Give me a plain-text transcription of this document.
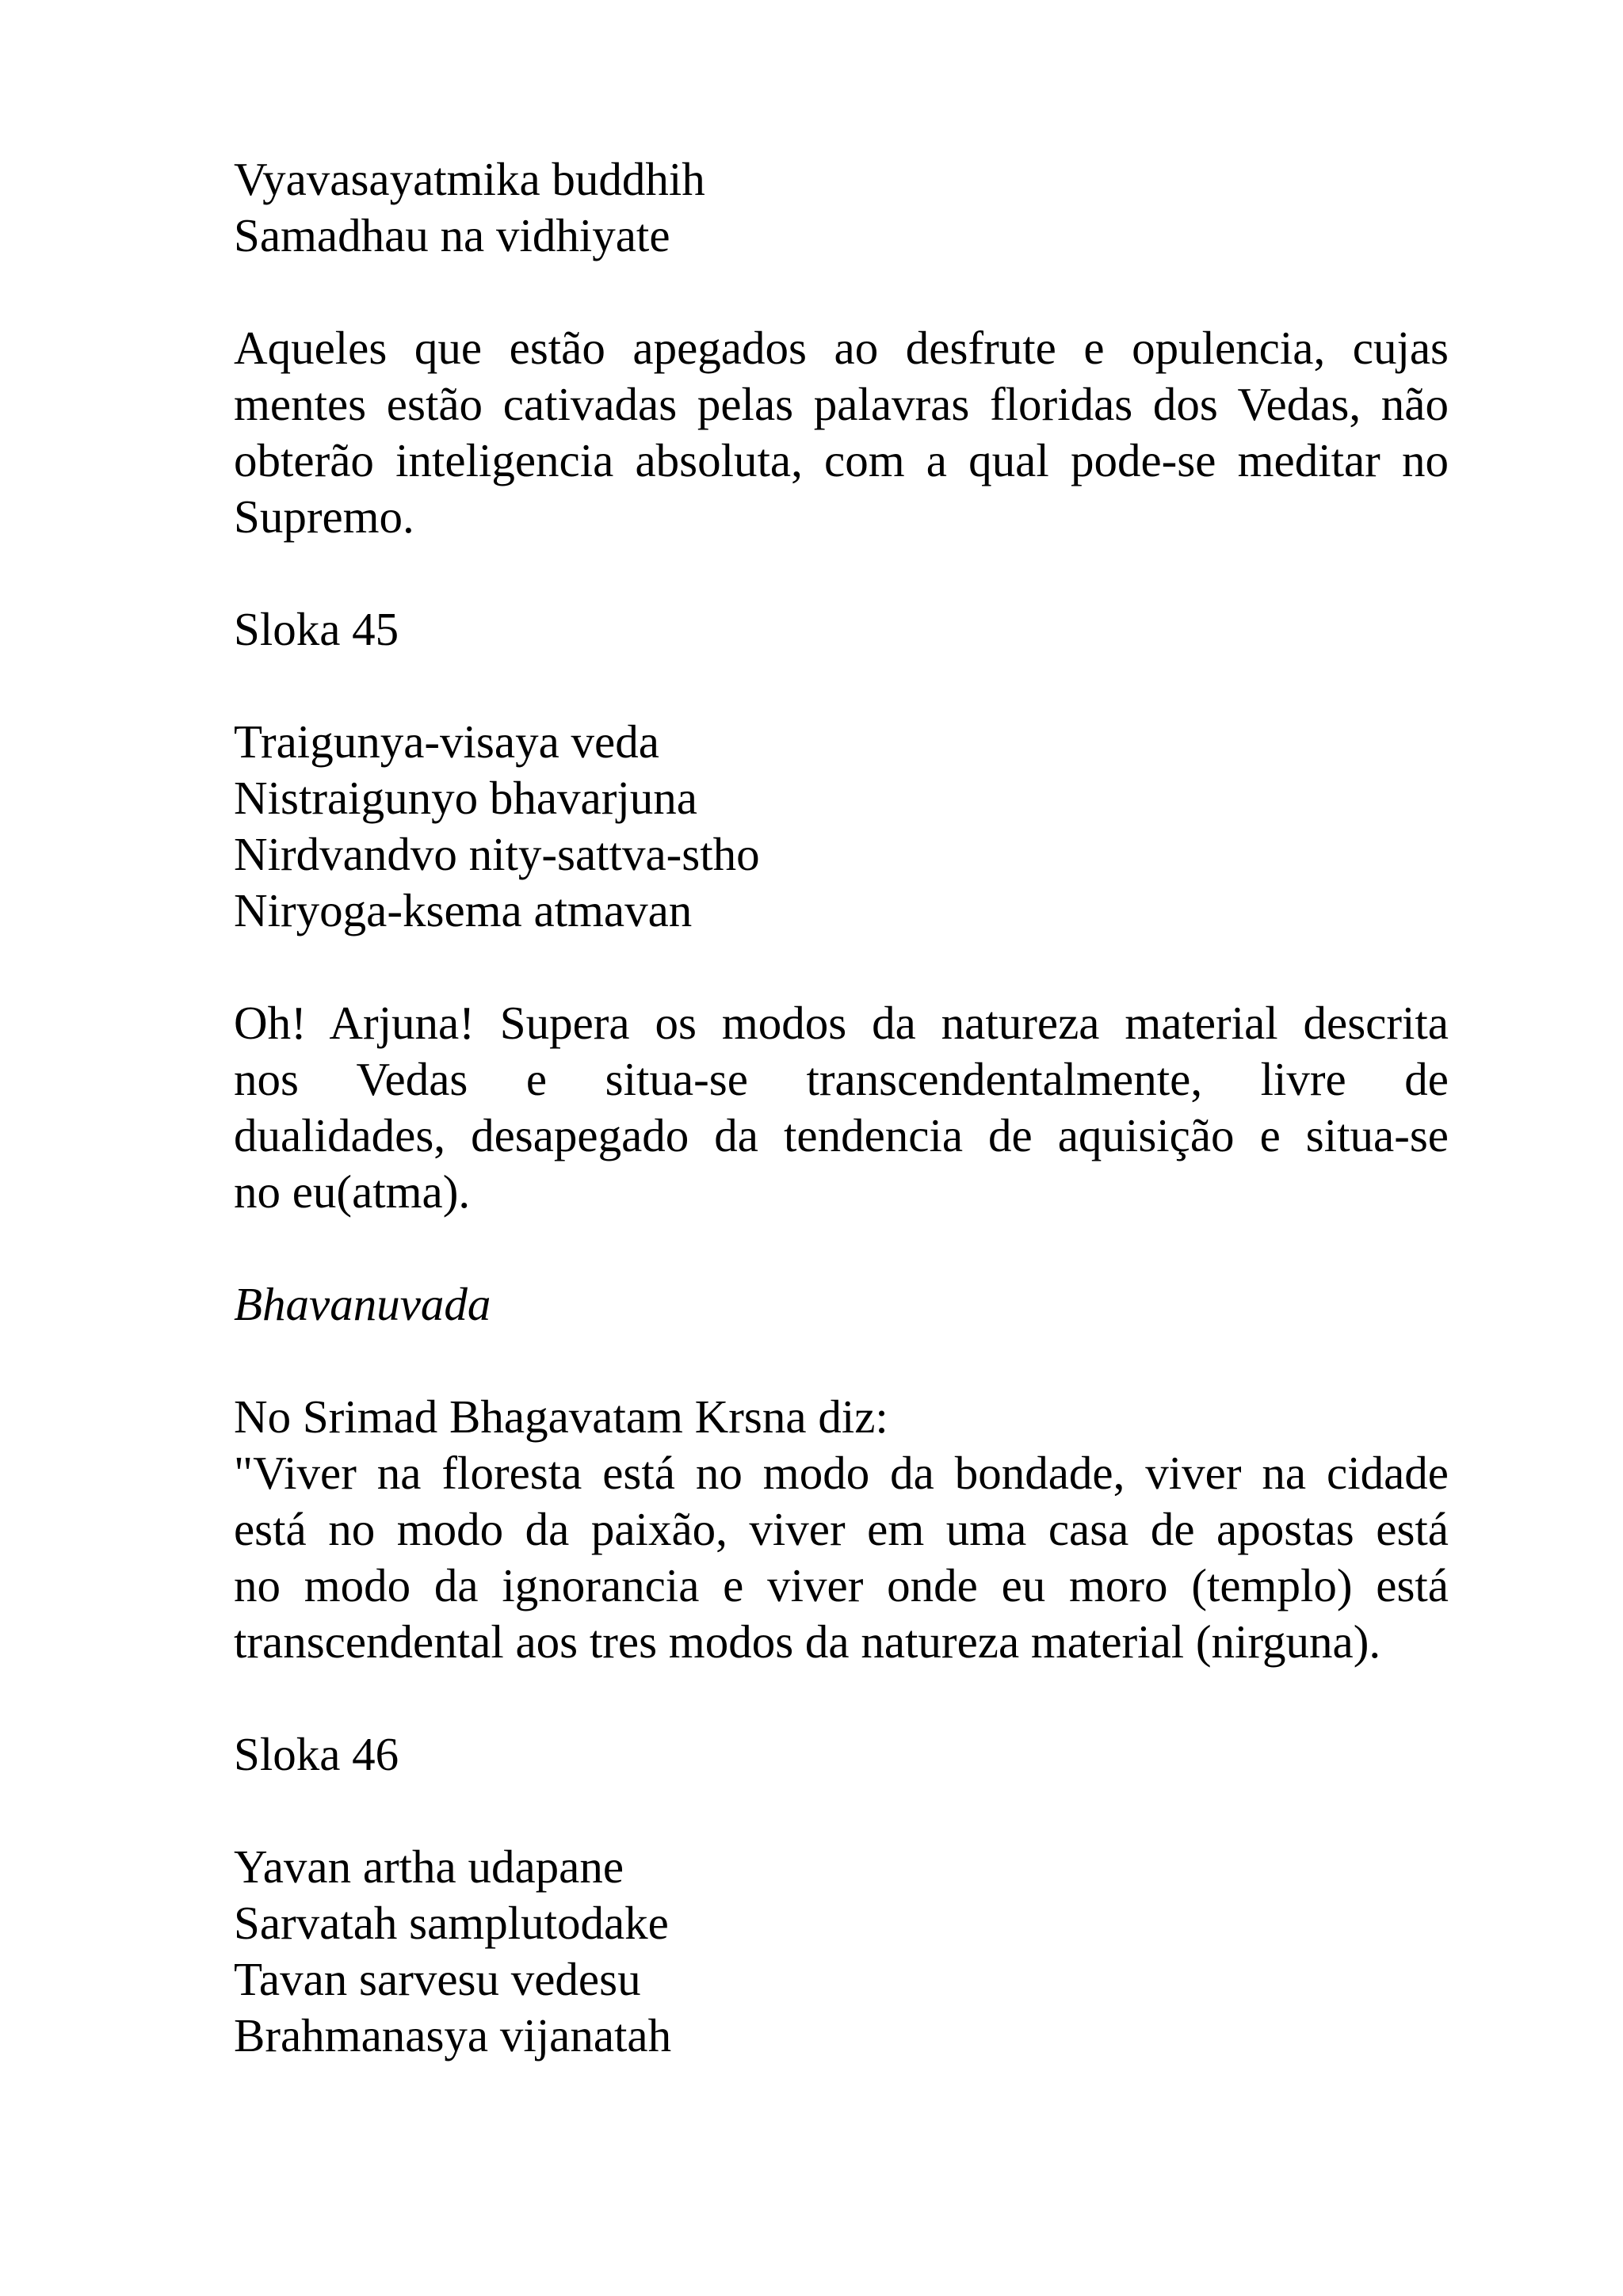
Vyavasayatmika buddhih
Samadhau na vidhiyate
Aqueles que estão apegados ao desfrute e opulencia, cujas
mentes estão cativadas pelas palavras floridas dos Vedas, não
obterão inteligencia absoluta, com a qual pode-se meditar no
Supremo.
Sloka 45
Traigunya-visaya veda
Nistraigunyo bhavarjuna
Nirdvandvo nity-sattva-stho
Niryoga-ksema atmavan
Oh! Arjuna! Supera os modos da natureza material descrita
nos Vedas e situa-se transcendentalmente, livre de
dualidades, desapegado da tendencia de aquisição e situa-se
no eu(atma).
Bhavanuvada
No Srimad Bhagavatam Krsna diz:
"Viver na floresta está no modo da bondade, viver na cidade
está no modo da paixão, viver em uma casa de apostas está
no modo da ignorancia e viver onde eu moro (templo) está
transcendental aos tres modos da natureza material (nirguna).
Sloka 46
Yavan artha udapane
Sarvatah samplutodake
Tavan sarvesu vedesu
Brahmanasya vijanatah
